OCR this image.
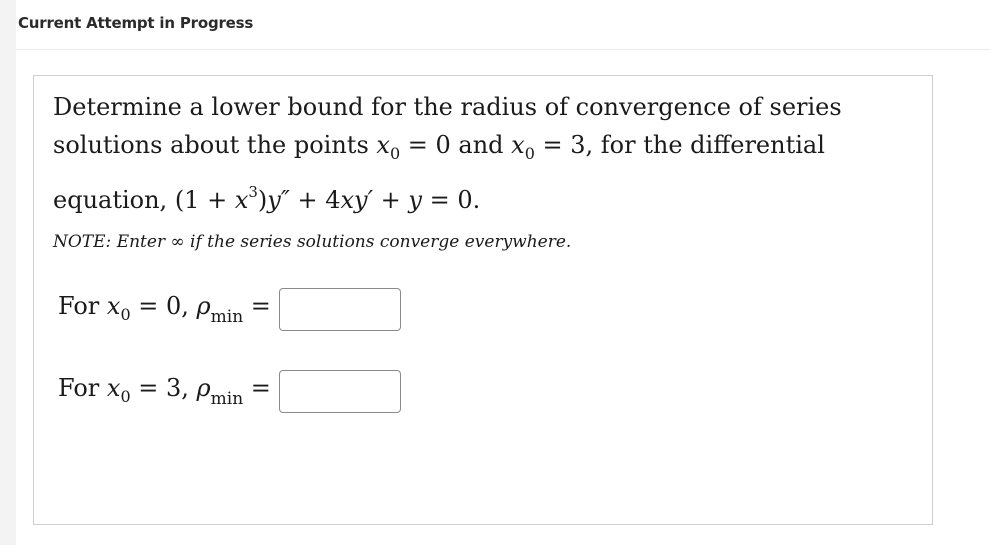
Current Attempt in Progress
Determine a lower bound for the radius of convergence of series
solutions about the points $x_0 = 0$ and $x_0 = 3$, for the differential
equation, $(1 + x^3)y'' + 4xy' + y = 0$.
NOTE: Enter ∞ if the series solutions converge everywhere.
For $x_0 = 0$, $\rho_{min}$ =
For $x_0 = 3$, $\rho_{min}$ =
